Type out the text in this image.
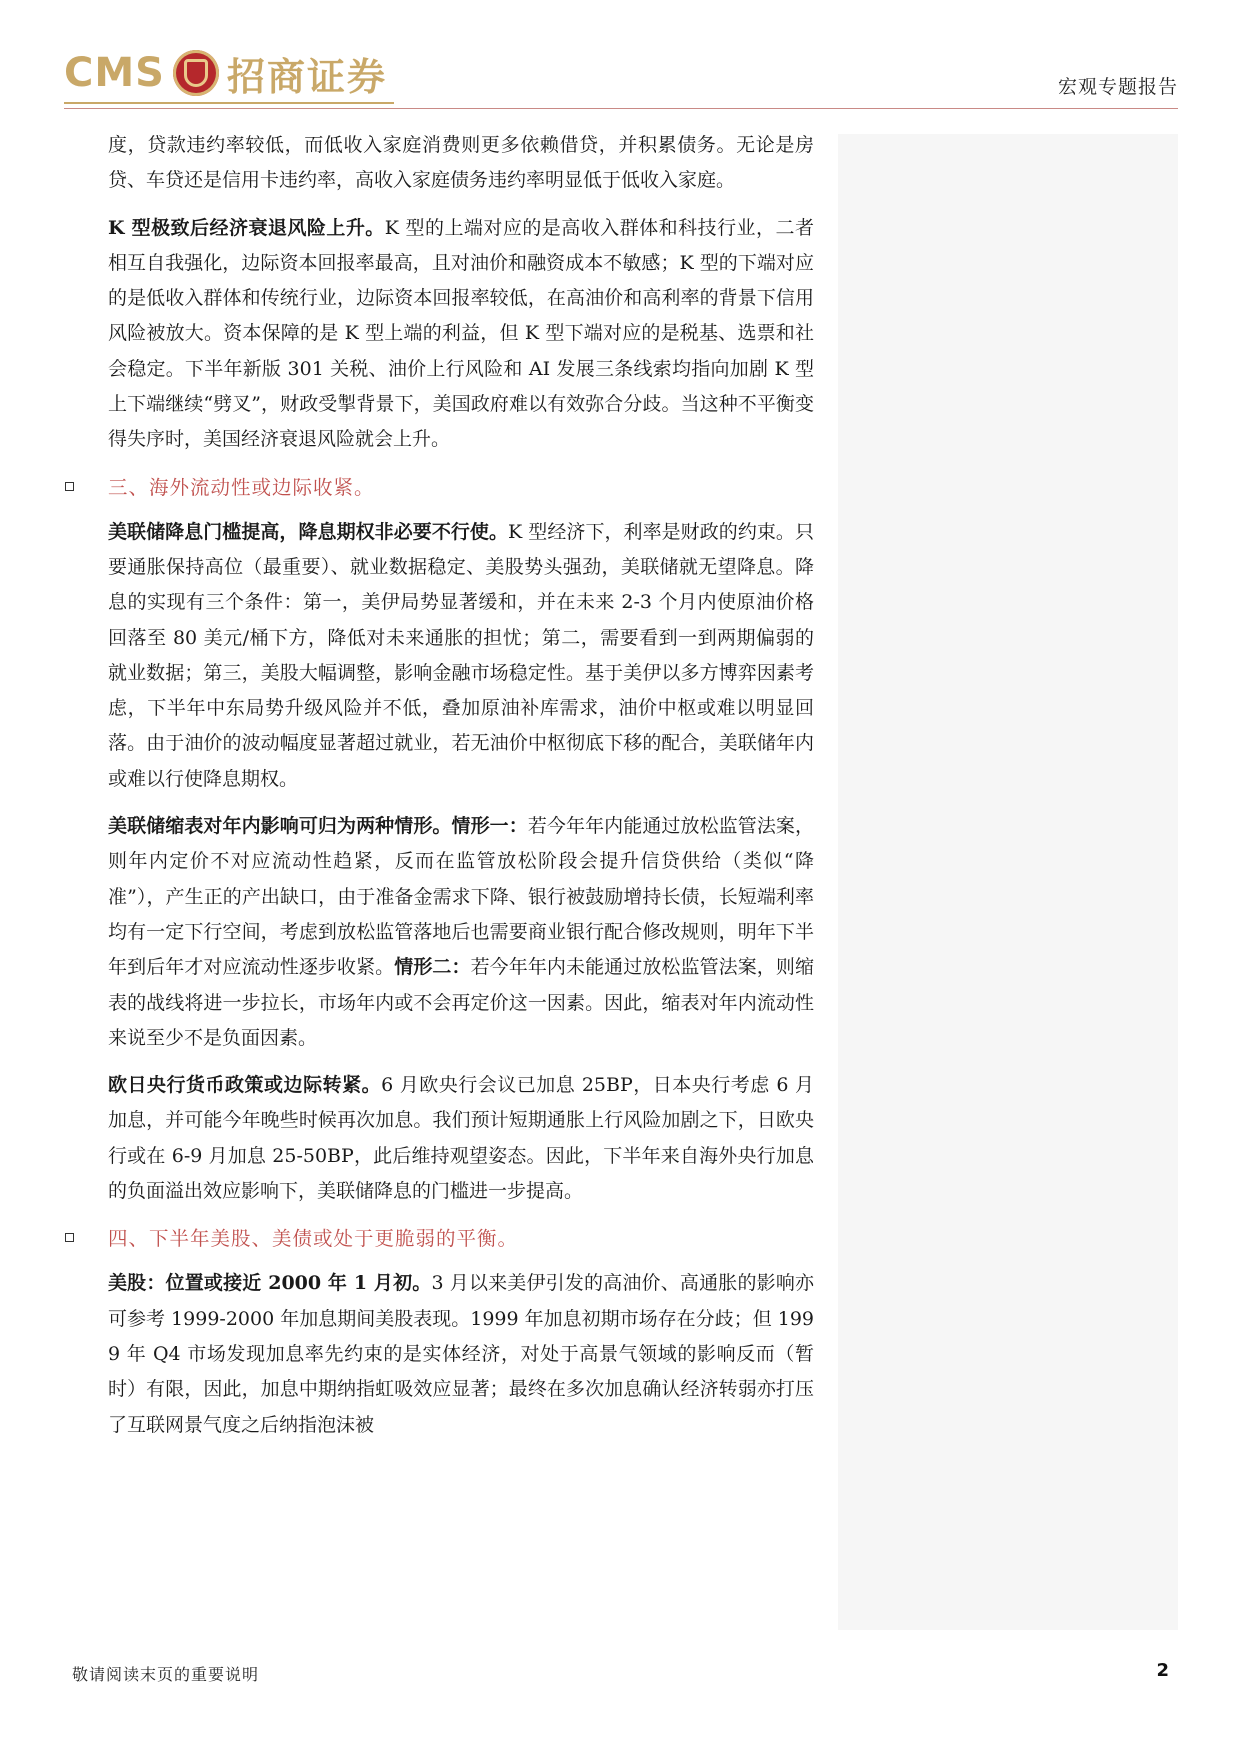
CMS 招商证券	宏观专题报告

度，贷款违约率较低，而低收入家庭消费则更多依赖借贷，并积累债务。无论是房贷、车贷还是信用卡违约率，高收入家庭债务违约率明显低于低收入家庭。

K 型极致后经济衰退风险上升。K 型的上端对应的是高收入群体和科技行业，二者相互自我强化，边际资本回报率最高，且对油价和融资成本不敏感；K 型的下端对应的是低收入群体和传统行业，边际资本回报率较低，在高油价和高利率的背景下信用风险被放大。资本保障的是 K 型上端的利益，但 K 型下端对应的是税基、选票和社会稳定。下半年新版 301 关税、油价上行风险和 AI 发展三条线索均指向加剧 K 型上下端继续“劈叉”，财政受掣背景下，美国政府难以有效弥合分歧。当这种不平衡变得失序时，美国经济衰退风险就会上升。

三、海外流动性或边际收紧。

美联储降息门槛提高，降息期权非必要不行使。K 型经济下，利率是财政的约束。只要通胀保持高位（最重要）、就业数据稳定、美股势头强劲，美联储就无望降息。降息的实现有三个条件：第一，美伊局势显著缓和，并在未来 2-3 个月内使原油价格回落至 80 美元/桶下方，降低对未来通胀的担忧；第二，需要看到一到两期偏弱的就业数据；第三，美股大幅调整，影响金融市场稳定性。基于美伊以多方博弈因素考虑，下半年中东局势升级风险并不低，叠加原油补库需求，油价中枢或难以明显回落。由于油价的波动幅度显著超过就业，若无油价中枢彻底下移的配合，美联储年内或难以行使降息期权。

美联储缩表对年内影响可归为两种情形。情形一：若今年年内能通过放松监管法案，则年内定价不对应流动性趋紧，反而在监管放松阶段会提升信贷供给（类似“降准”），产生正的产出缺口，由于准备金需求下降、银行被鼓励增持长债，长短端利率均有一定下行空间，考虑到放松监管落地后也需要商业银行配合修改规则，明年下半年到后年才对应流动性逐步收紧。情形二：若今年年内未能通过放松监管法案，则缩表的战线将进一步拉长，市场年内或不会再定价这一因素。因此，缩表对年内流动性来说至少不是负面因素。

欧日央行货币政策或边际转紧。6 月欧央行会议已加息 25BP，日本央行考虑 6 月加息，并可能今年晚些时候再次加息。我们预计短期通胀上行风险加剧之下，日欧央行或在 6-9 月加息 25-50BP，此后维持观望姿态。因此，下半年来自海外央行加息的负面溢出效应影响下，美联储降息的门槛进一步提高。

四、下半年美股、美债或处于更脆弱的平衡。

美股：位置或接近 2000 年 1 月初。3 月以来美伊引发的高油价、高通胀的影响亦可参考 1999-2000 年加息期间美股表现。1999 年加息初期市场存在分歧；但 1999 年 Q4 市场发现加息率先约束的是实体经济，对处于高景气领域的影响反而（暂时）有限，因此，加息中期纳指虹吸效应显著；最终在多次加息确认经济转弱亦打压了互联网景气度之后纳指泡沫被

敬请阅读末页的重要说明	2
